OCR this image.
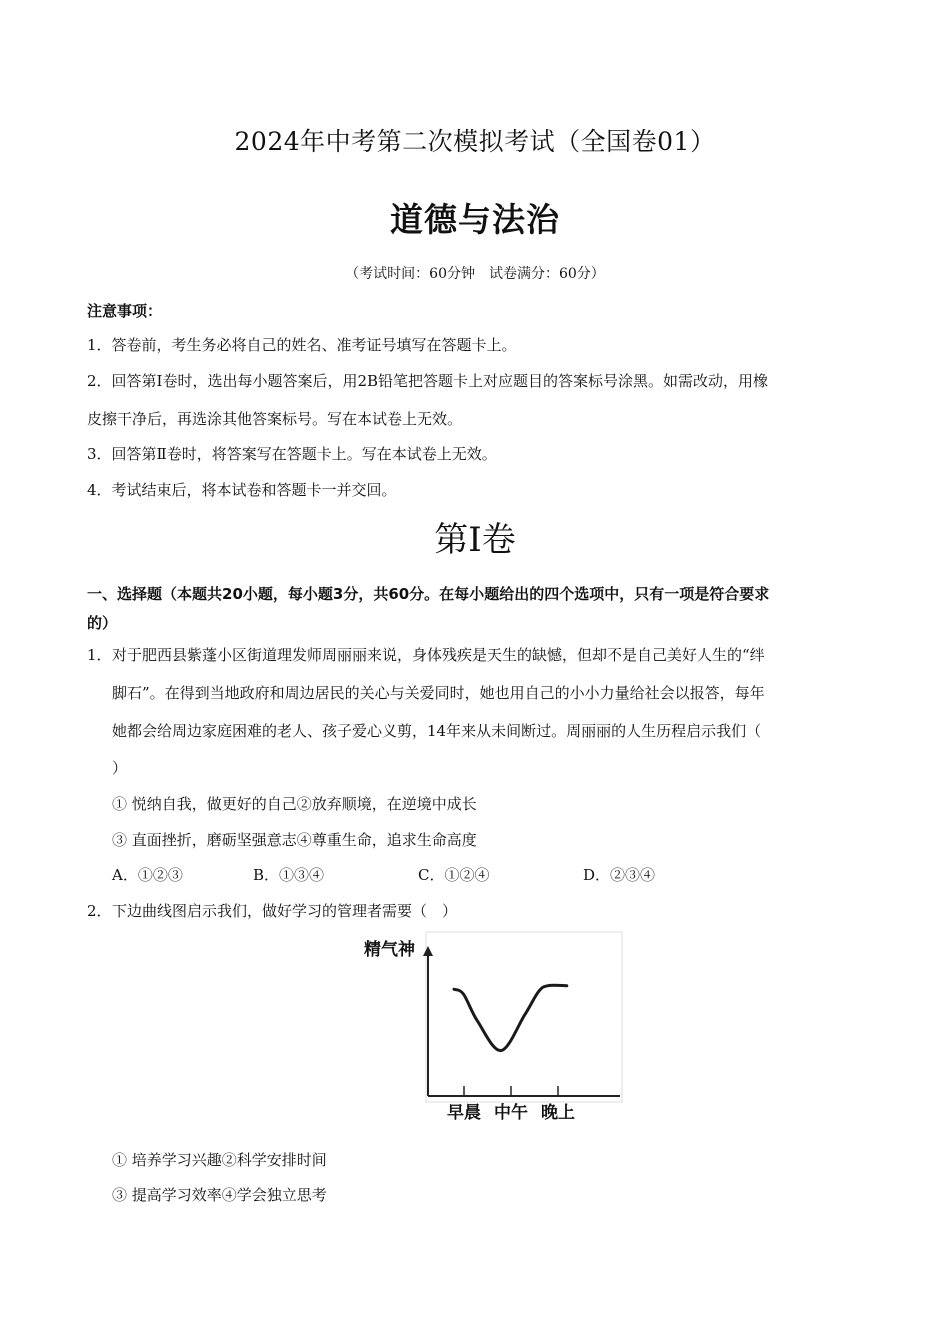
2024年中考第二次模拟考试（全国卷01）
道德与法治
（考试时间：60分钟　试卷满分：60分）
注意事项：
1．答卷前，考生务必将自己的姓名、准考证号填写在答题卡上。
2．回答第Ⅰ卷时，选出每小题答案后，用2B铅笔把答题卡上对应题目的答案标号涂黑。如需改动，用橡
皮擦干净后，再选涂其他答案标号。写在本试卷上无效。
3．回答第Ⅱ卷时，将答案写在答题卡上。写在本试卷上无效。
4．考试结束后，将本试卷和答题卡一并交回。
第Ⅰ卷
一、选择题（本题共20小题，每小题3分，共60分。在每小题给出的四个选项中，只有一项是符合要求
的）
1． 对于肥西县紫蓬小区街道理发师周丽丽来说，身体残疾是天生的缺憾，但却不是自己美好人生的“绊
脚石”。在得到当地政府和周边居民的关心与关爱同时，她也用自己的小小力量给社会以报答，每年
她都会给周边家庭困难的老人、孩子爱心义剪，14年来从未间断过。周丽丽的人生历程启示我们（
）
① 悦纳自我，做更好的自己②放弃顺境，在逆境中成长
③ 直面挫折，磨砺坚强意志④尊重生命，追求生命高度
A．①②③	B．①③④	C．①②④	D．②③④
2． 下边曲线图启示我们，做好学习的管理者需要（　）
早晨 中午 晚上
精气神
① 培养学习兴趣②科学安排时间
③ 提高学习效率④学会独立思考
